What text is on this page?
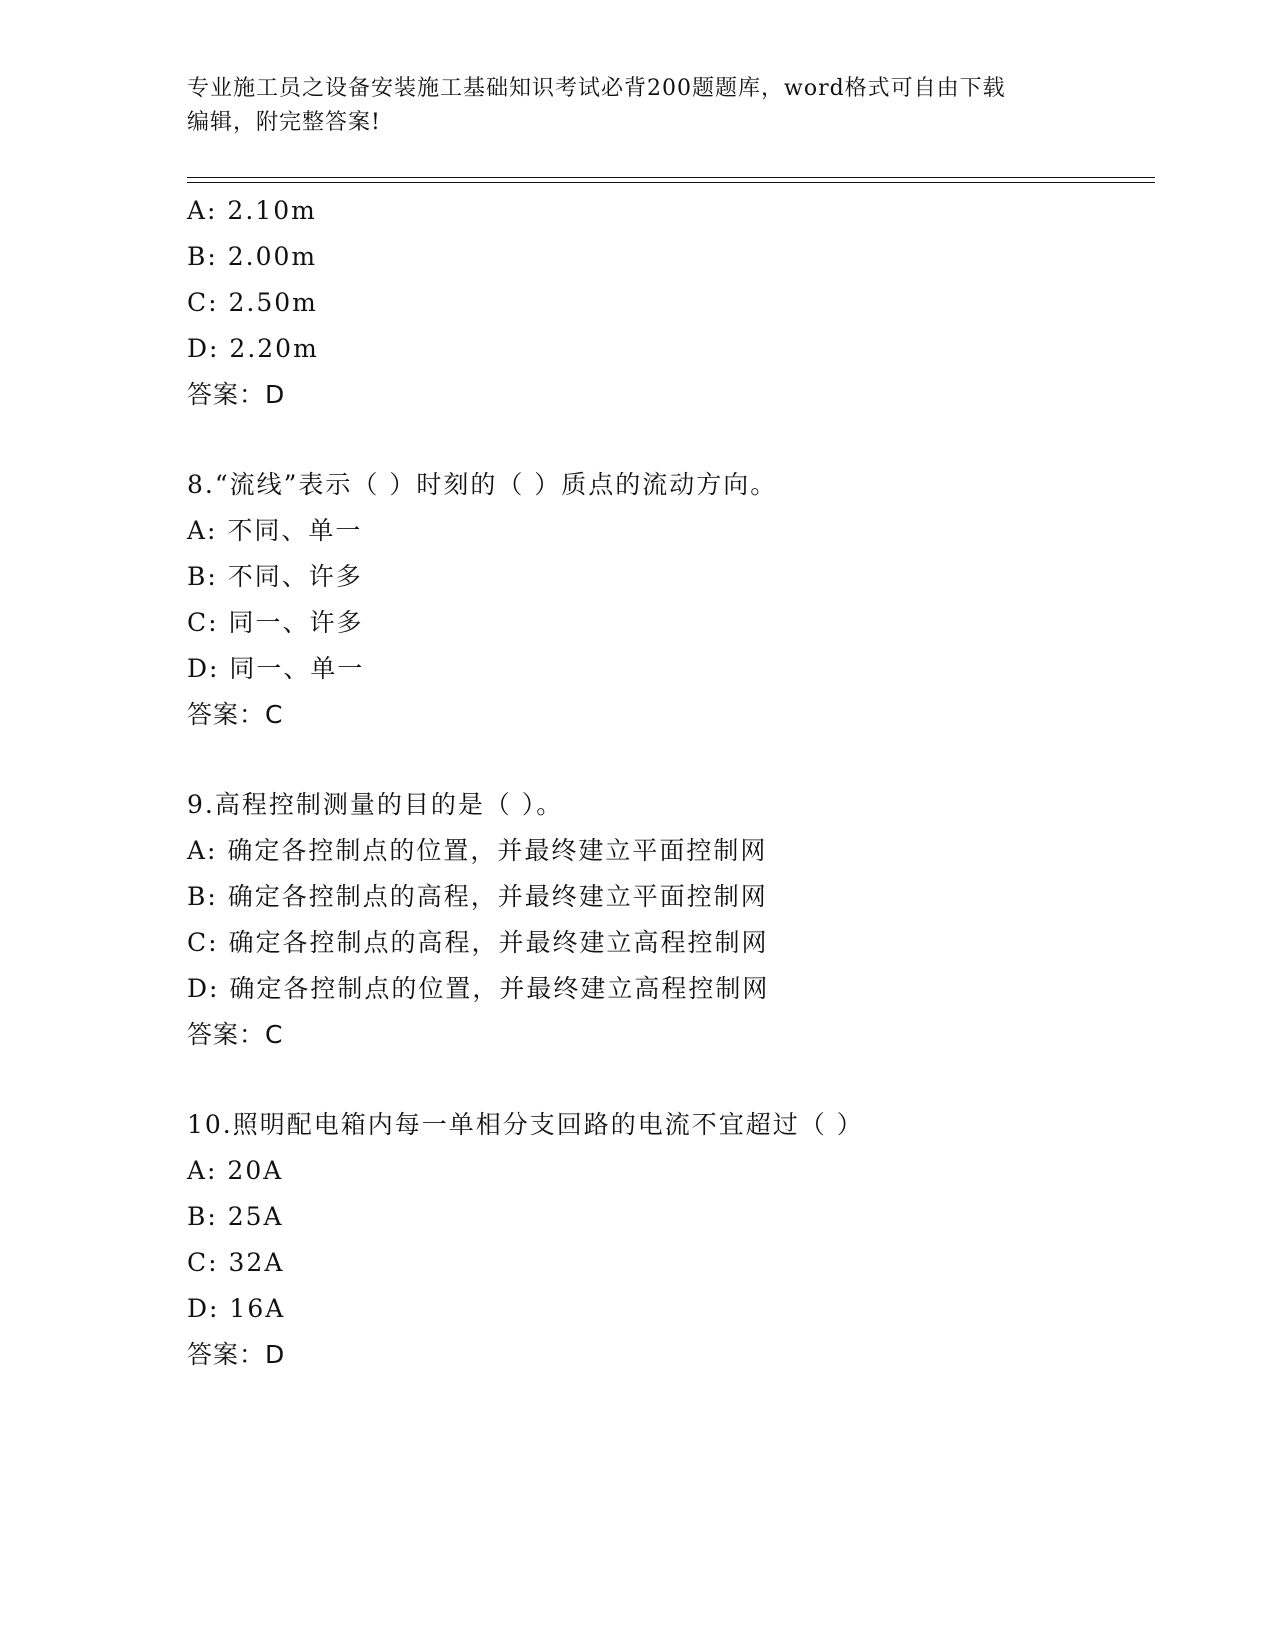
专业施工员之设备安装施工基础知识考试必背200题题库，word格式可自由下载
编辑，附完整答案!
A: 2.10m
B: 2.00m
C: 2.50m
D: 2.20m
答案：D
8.“流线”表示（ ）时刻的（ ）质点的流动方向。
A: 不同、单一
B: 不同、许多
C: 同一、许多
D: 同一、单一
答案：C
9.高程控制测量的目的是（ ）。
A: 确定各控制点的位置，并最终建立平面控制网
B: 确定各控制点的高程，并最终建立平面控制网
C: 确定各控制点的高程，并最终建立高程控制网
D: 确定各控制点的位置，并最终建立高程控制网
答案：C
10.照明配电箱内每一单相分支回路的电流不宜超过（ ）
A: 20A
B: 25A
C: 32A
D: 16A
答案：D
